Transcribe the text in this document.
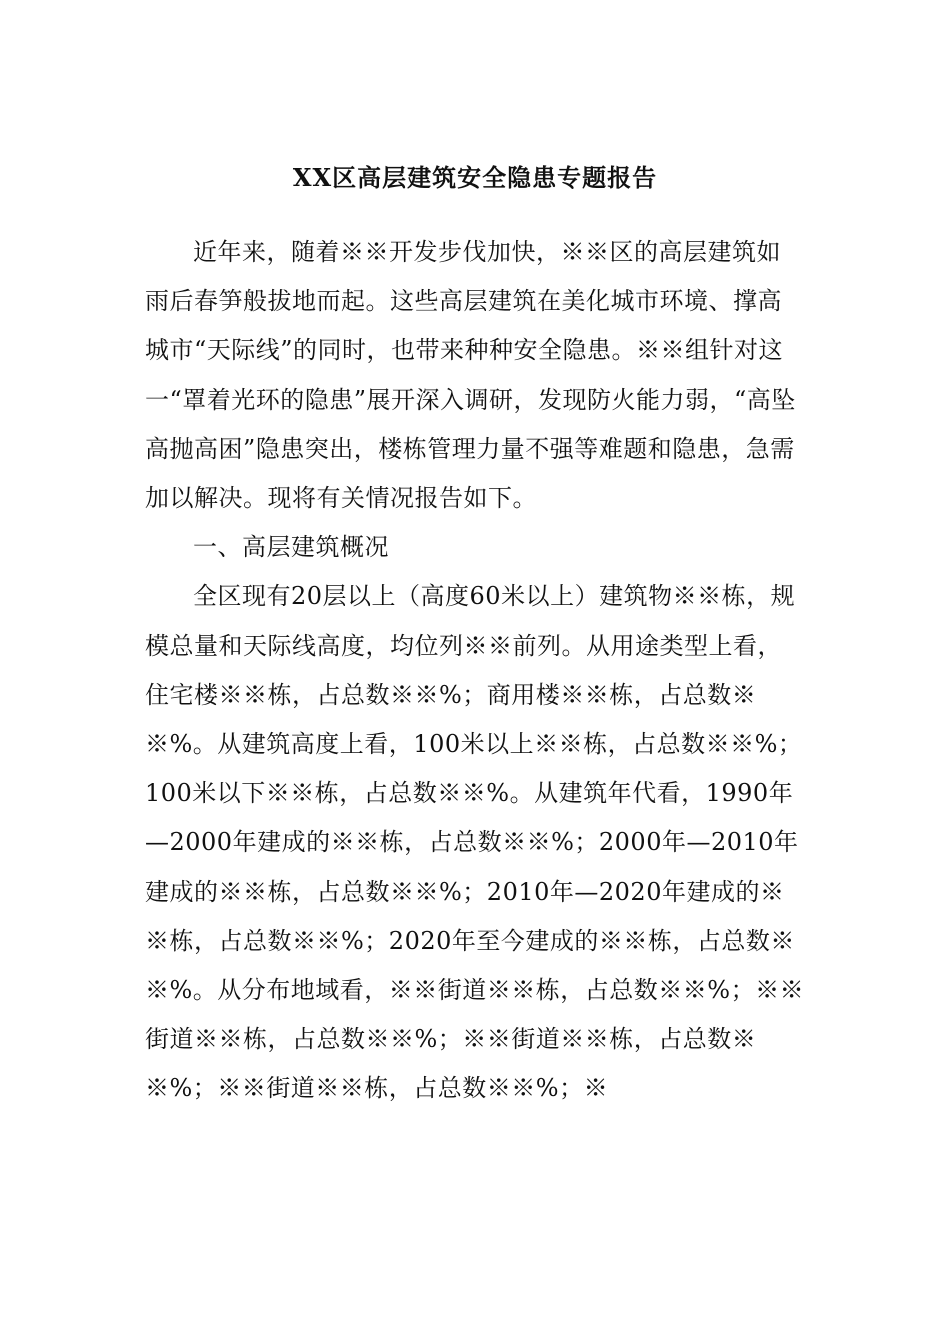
XX区高层建筑安全隐患专题报告

近年来，随着※※开发步伐加快，※※区的高层建筑如雨后春笋般拔地而起。这些高层建筑在美化城市环境、撑高城市“天际线”的同时，也带来种种安全隐患。※※组针对这一“罩着光环的隐患”展开深入调研，发现防火能力弱，“高坠高抛高困”隐患突出，楼栋管理力量不强等难题和隐患，急需加以解决。现将有关情况报告如下。

一、高层建筑概况

全区现有20层以上（高度60米以上）建筑物※※栋，规模总量和天际线高度，均位列※※前列。从用途类型上看，住宅楼※※栋，占总数※※%；商用楼※※栋，占总数※※%。从建筑高度上看，100米以上※※栋，占总数※※%；100米以下※※栋，占总数※※%。从建筑年代看，1990年—2000年建成的※※栋，占总数※※%；2000年—2010年建成的※※栋，占总数※※%；2010年—2020年建成的※※栋，占总数※※%；2020年至今建成的※※栋，占总数※※%。从分布地域看，※※街道※※栋，占总数※※%；※※街道※※栋，占总数※※%；※※街道※※栋，占总数※※%；※※街道※※栋，占总数※※%；※
